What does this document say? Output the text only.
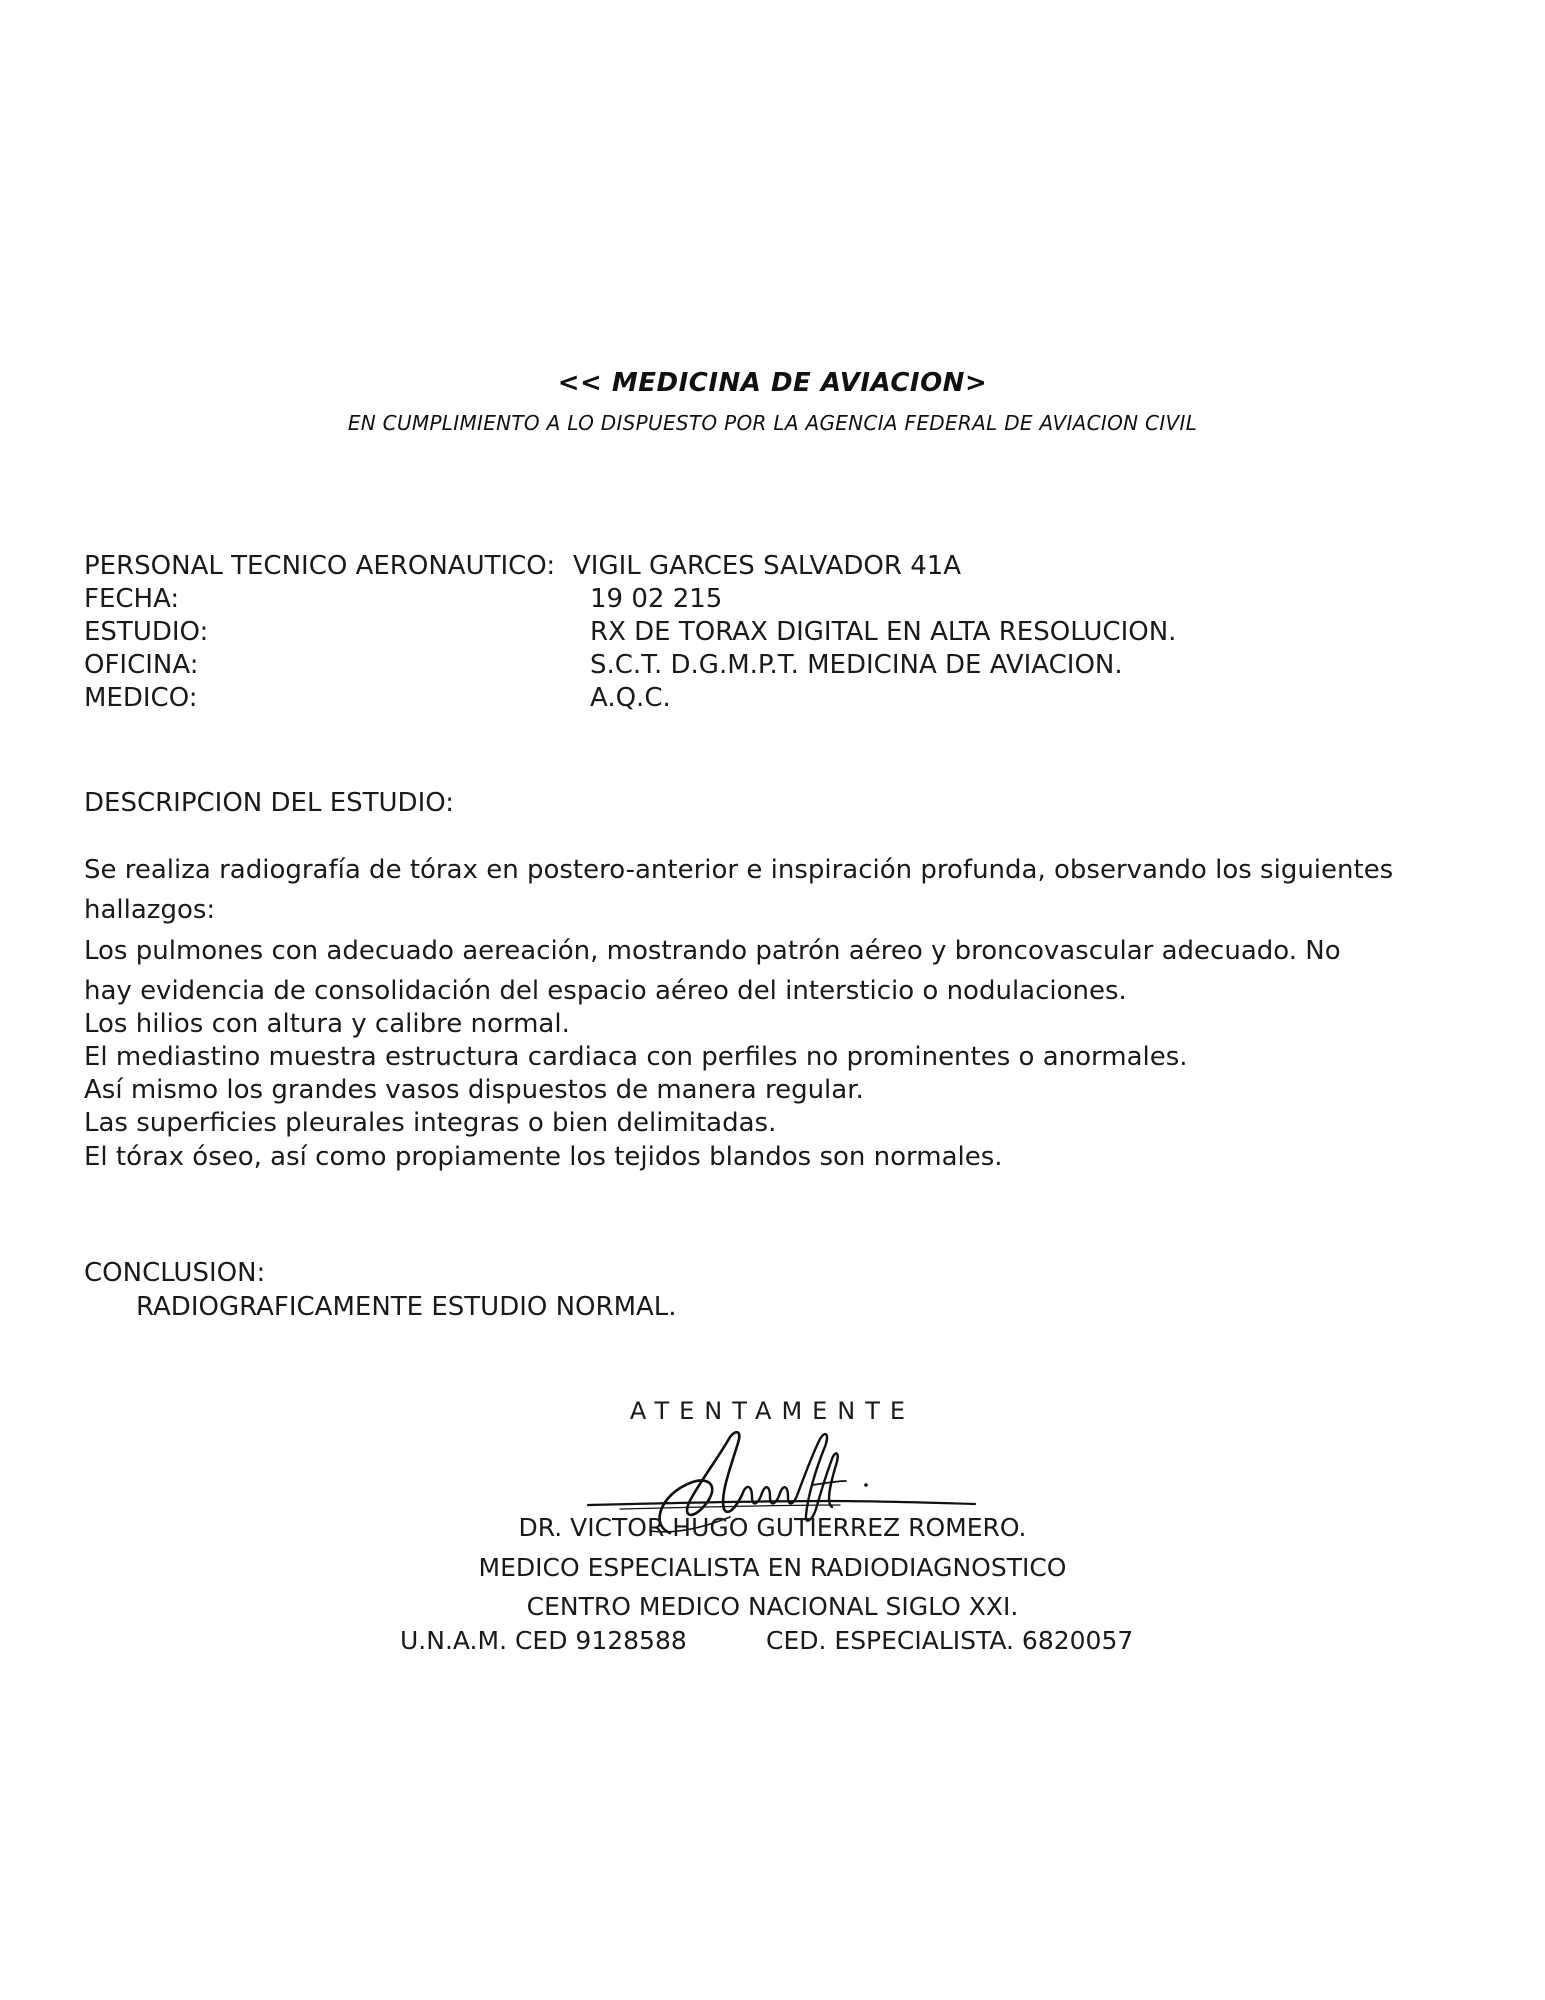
<< MEDICINA DE AVIACION>
EN CUMPLIMIENTO A LO DISPUESTO POR LA AGENCIA FEDERAL DE AVIACION CIVIL
PERSONAL TECNICO AERONAUTICO: VIGIL GARCES SALVADOR 41A
FECHA:	19 02 215
ESTUDIO:	RX DE TORAX DIGITAL EN ALTA RESOLUCION.
OFICINA:	S.C.T. D.G.M.P.T. MEDICINA DE AVIACION.
MEDICO:	A.Q.C.
DESCRIPCION DEL ESTUDIO:
Se realiza radiografía de tórax en postero-anterior e inspiración profunda, observando los siguientes
hallazgos:
Los pulmones con adecuado aereación, mostrando patrón aéreo y broncovascular adecuado. No
hay evidencia de consolidación del espacio aéreo del intersticio o nodulaciones.
Los hilios con altura y calibre normal.
El mediastino muestra estructura cardiaca con perfiles no prominentes o anormales.
Así mismo los grandes vasos dispuestos de manera regular.
Las superficies pleurales integras o bien delimitadas.
El tórax óseo, así como propiamente los tejidos blandos son normales.
CONCLUSION:
RADIOGRAFICAMENTE ESTUDIO NORMAL.
ATENTAMENTE
DR. VICTOR HUGO GUTIERREZ ROMERO.
MEDICO ESPECIALISTA EN RADIODIAGNOSTICO
CENTRO MEDICO NACIONAL SIGLO XXI.
U.N.A.M. CED 9128588	CED. ESPECIALISTA. 6820057
